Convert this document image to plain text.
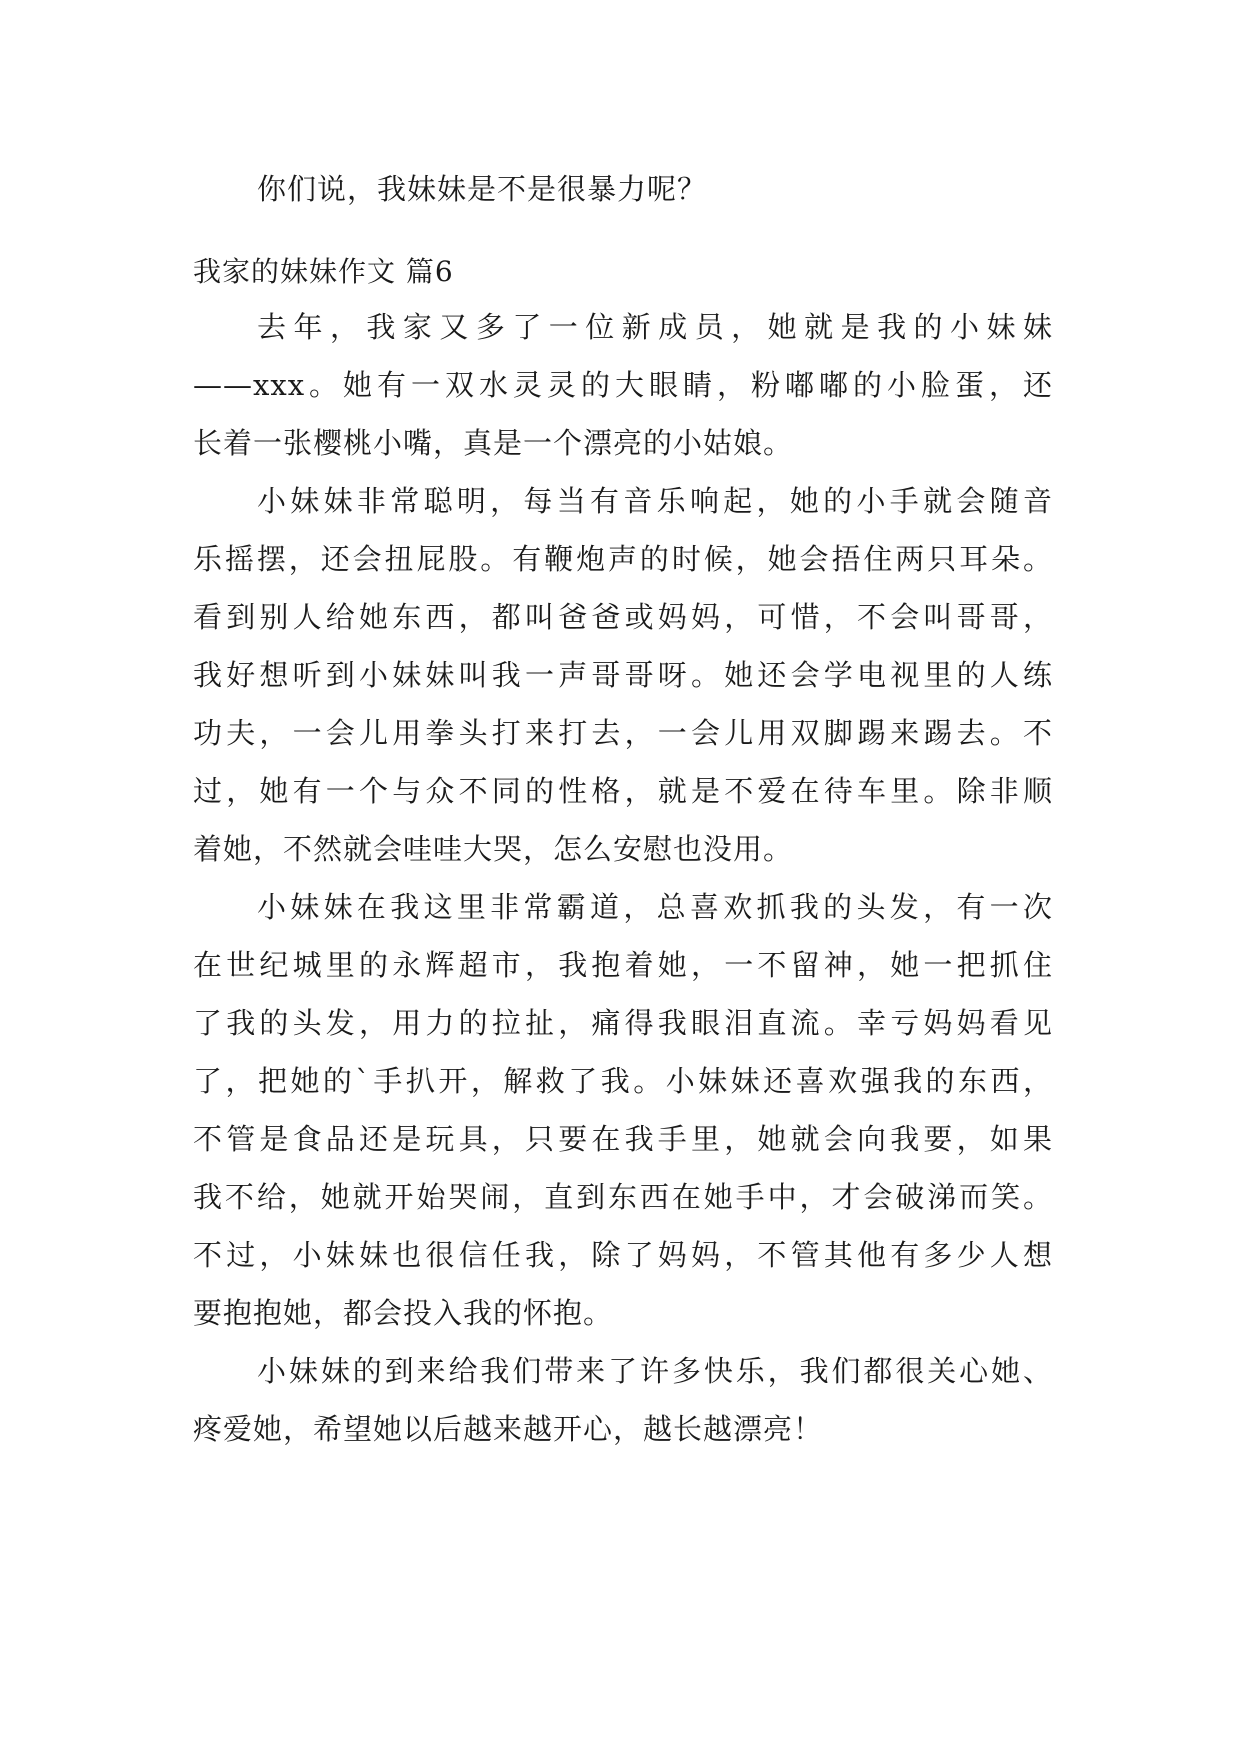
你们说，我妹妹是不是很暴力呢？
我家的妹妹作文 篇6
去年，我家又多了一位新成员，她就是我的小妹妹
——xxx。她有一双水灵灵的大眼睛，粉嘟嘟的小脸蛋，还
长着一张樱桃小嘴，真是一个漂亮的小姑娘。
小妹妹非常聪明，每当有音乐响起，她的小手就会随音
乐摇摆，还会扭屁股。有鞭炮声的时候，她会捂住两只耳朵。
看到别人给她东西，都叫爸爸或妈妈，可惜，不会叫哥哥，
我好想听到小妹妹叫我一声哥哥呀。她还会学电视里的人练
功夫，一会儿用拳头打来打去，一会儿用双脚踢来踢去。不
过，她有一个与众不同的性格，就是不爱在待车里。除非顺
着她，不然就会哇哇大哭，怎么安慰也没用。
小妹妹在我这里非常霸道，总喜欢抓我的头发，有一次
在世纪城里的永辉超市，我抱着她，一不留神，她一把抓住
了我的头发，用力的拉扯，痛得我眼泪直流。幸亏妈妈看见
了，把她的`手扒开，解救了我。小妹妹还喜欢强我的东西，
不管是食品还是玩具，只要在我手里，她就会向我要，如果
我不给，她就开始哭闹，直到东西在她手中，才会破涕而笑。
不过，小妹妹也很信任我，除了妈妈，不管其他有多少人想
要抱抱她，都会投入我的怀抱。
小妹妹的到来给我们带来了许多快乐，我们都很关心她、
疼爱她，希望她以后越来越开心，越长越漂亮！
